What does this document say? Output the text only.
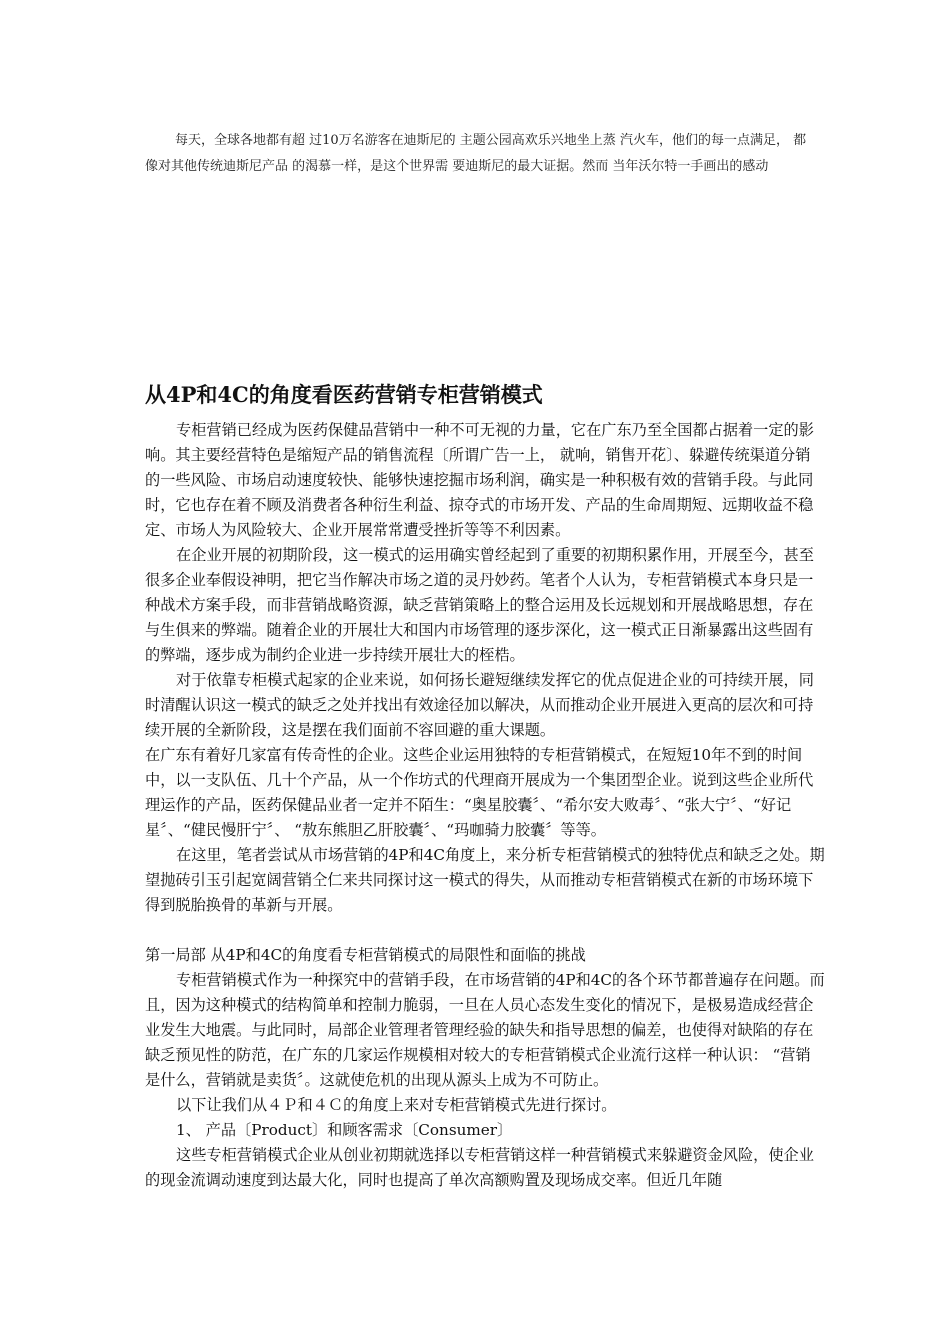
每天，全球各地都有超 过10万名游客在迪斯尼的 主题公园高欢乐兴地坐上蒸 汽火车，他们的每一点满足， 都像对其他传统迪斯尼产品 的渴慕一样，是这个世界需 要迪斯尼的最大证据。然而 当年沃尔特一手画出的感动

从4P和4C的角度看医药营销专柜营销模式

专柜营销已经成为医药保健品营销中一种不可无视的力量，它在广东乃至全国都占据着一定的影响。其主要经营特色是缩短产品的销售流程〔所谓广告一上， 就响，销售开花〕、躲避传统渠道分销的一些风险、市场启动速度较快、能够快速挖掘市场利润，确实是一种积极有效的营销手段。与此同时，它也存在着不顾及消费者各种衍生利益、掠夺式的市场开发、产品的生命周期短、远期收益不稳定、市场人为风险较大、企业开展常常遭受挫折等等不利因素。

在企业开展的初期阶段，这一模式的运用确实曾经起到了重要的初期积累作用，开展至今，甚至很多企业奉假设神明，把它当作解决市场之道的灵丹妙药。笔者个人认为，专柜营销模式本身只是一种战术方案手段，而非营销战略资源，缺乏营销策略上的整合运用及长远规划和开展战略思想，存在与生俱来的弊端。随着企业的开展壮大和国内市场管理的逐步深化，这一模式正日渐暴露出这些固有的弊端，逐步成为制约企业进一步持续开展壮大的桎梏。

对于依靠专柜模式起家的企业来说，如何扬长避短继续发挥它的优点促进企业的可持续开展，同时清醒认识这一模式的缺乏之处并找出有效途径加以解决，从而推动企业开展进入更高的层次和可持续开展的全新阶段，这是摆在我们面前不容回避的重大课题。

在广东有着好几家富有传奇性的企业。这些企业运用独特的专柜营销模式，在短短10年不到的时间中，以一支队伍、几十个产品，从一个作坊式的代理商开展成为一个集团型企业。说到这些企业所代理运作的产品，医药保健品业者一定并不陌生：“奥星胶囊〞、“希尔安大败毒〞、“张大宁〞、“好记星〞、“健民慢肝宁〞、 “敖东熊胆乙肝胶囊〞、“玛咖骑力胶囊〞等等。

在这里，笔者尝试从市场营销的4P和4C角度上，来分析专柜营销模式的独特优点和缺乏之处。期望抛砖引玉引起宽阔营销仝仁来共同探讨这一模式的得失，从而推动专柜营销模式在新的市场环境下得到脱胎换骨的革新与开展。

第一局部 从4P和4C的角度看专柜营销模式的局限性和面临的挑战

专柜营销模式作为一种探究中的营销手段，在市场营销的4P和4C的各个环节都普遍存在问题。而且，因为这种模式的结构简单和控制力脆弱，一旦在人员心态发生变化的情况下，是极易造成经营企业发生大地震。与此同时，局部企业管理者管理经验的缺失和指导思想的偏差，也使得对缺陷的存在缺乏预见性的防范，在广东的几家运作规模相对较大的专柜营销模式企业流行这样一种认识： “营销是什么，营销就是卖货〞。这就使危机的出现从源头上成为不可防止。

以下让我们从４Ｐ和４Ｃ的角度上来对专柜营销模式先进行探讨。

1、 产品〔Product〕和顾客需求〔Consumer〕

这些专柜营销模式企业从创业初期就选择以专柜营销这样一种营销模式来躲避资金风险，使企业的现金流调动速度到达最大化，同时也提高了单次高额购置及现场成交率。但近几年随
